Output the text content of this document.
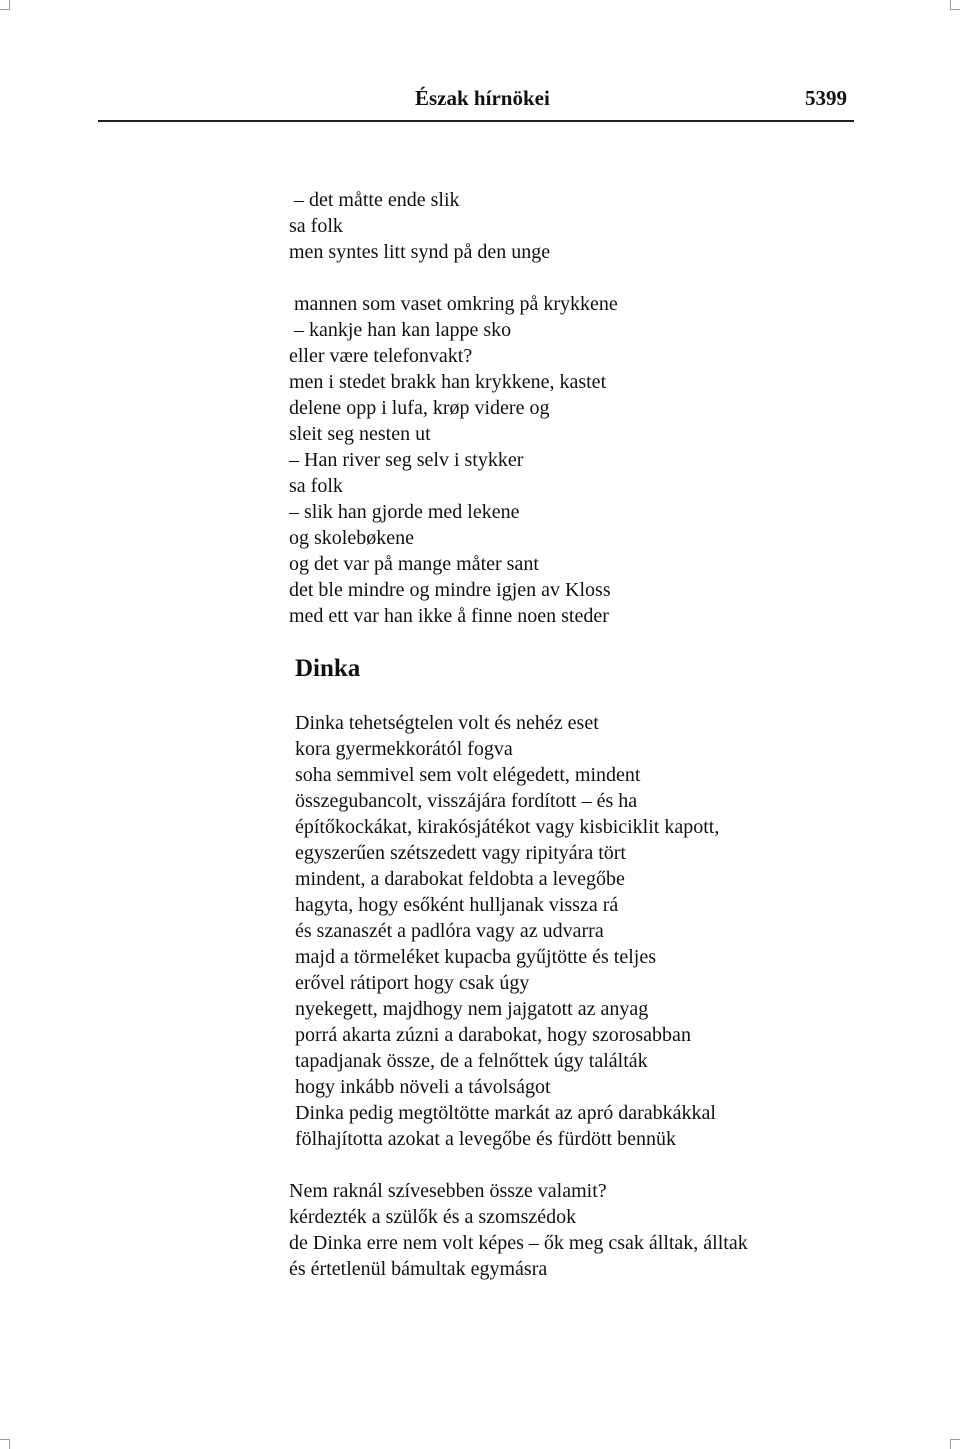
Észak hírnökei	5399
– det måtte ende slik
sa folk
men syntes litt synd på den unge
mannen som vaset omkring på krykkene
– kankje han kan lappe sko
eller være telefonvakt?
men i stedet brakk han krykkene, kastet
delene opp i lufa, krøp videre og
sleit seg nesten ut
– Han river seg selv i stykker
sa folk
– slik han gjorde med lekene
og skolebøkene
og det var på mange måter sant
det ble mindre og mindre igjen av Kloss
med ett var han ikke å finne noen steder
Dinka
Dinka tehetségtelen volt és nehéz eset
kora gyermekkorától fogva
soha semmivel sem volt elégedett, mindent
összegubancolt, visszájára fordított – és ha
építőkockákat, kirakósjátékot vagy kisbiciklit kapott,
egyszerűen szétszedett vagy ripityára tört
mindent, a darabokat feldobta a levegőbe
hagyta, hogy esőként hulljanak vissza rá
és szanaszét a padlóra vagy az udvarra
majd a törmeléket kupacba gyűjtötte és teljes
erővel rátiport hogy csak úgy
nyekegett, majdhogy nem jajgatott az anyag
porrá akarta zúzni a darabokat, hogy szorosabban
tapadjanak össze, de a felnőttek úgy találták
hogy inkább növeli a távolságot
Dinka pedig megtöltötte markát az apró darabkákkal
fölhajította azokat a levegőbe és fürdött bennük
Nem raknál szívesebben össze valamit?
kérdezték a szülők és a szomszédok
de Dinka erre nem volt képes – ők meg csak álltak, álltak
és értetlenül bámultak egymásra
